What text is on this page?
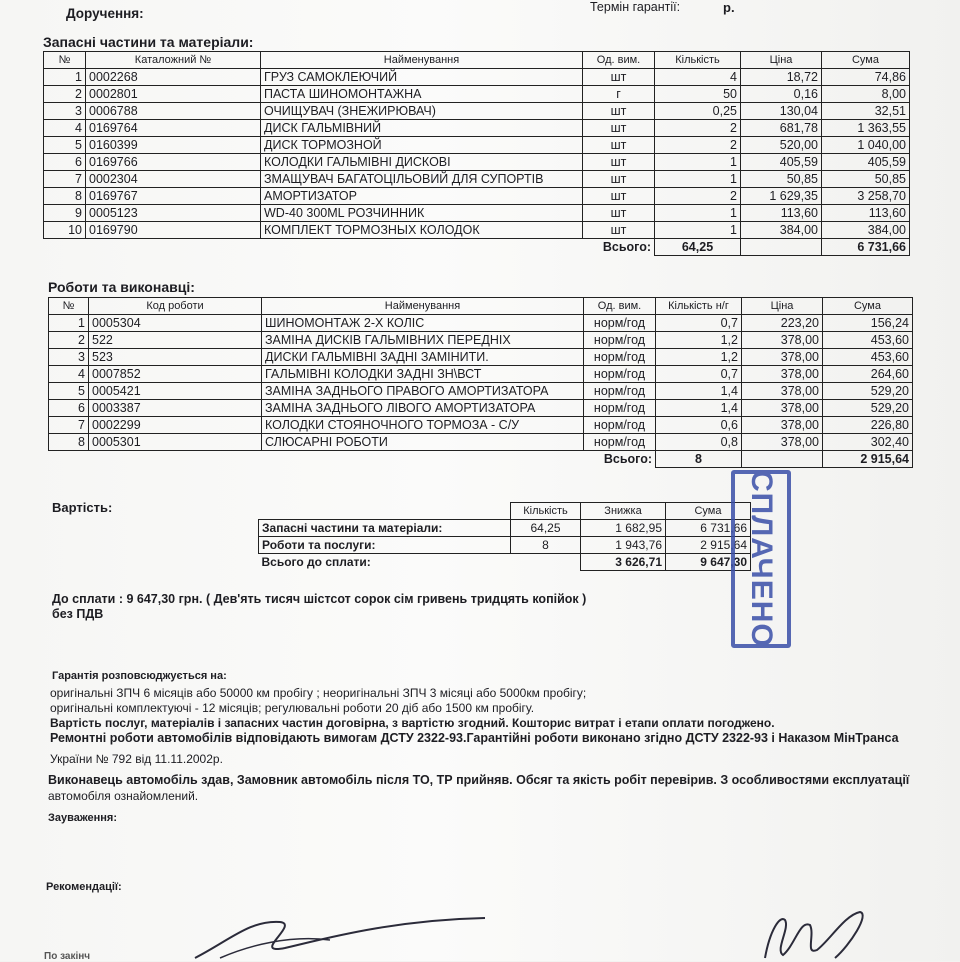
Доручення:	Термін гарантії:	р.
Запасні частини та матеріали:
№	Каталожний №	Найменування	Од. вим.	Кількість	Ціна	Сума
1	0002268	ГРУЗ САМОКЛЕЮЧИЙ	шт	4	18,72	74,86
2	0002801	ПАСТА ШИНОМОНТАЖНА	г	50	0,16	8,00
3	0006788	ОЧИЩУВАЧ (ЗНЕЖИРЮВАЧ)	шт	0,25	130,04	32,51
4	0169764	ДИСК ГАЛЬМІВНИЙ	шт	2	681,78	1 363,55
5	0160399	ДИСК ТОРМОЗНОЙ	шт	2	520,00	1 040,00
6	0169766	КОЛОДКИ ГАЛЬМІВНІ ДИСКОВІ	шт	1	405,59	405,59
7	0002304	ЗМАЩУВАЧ БАГАТОЦІЛЬОВИЙ ДЛЯ СУПОРТІВ	шт	1	50,85	50,85
8	0169767	АМОРТИЗАТОР	шт	2	1 629,35	3 258,70
9	0005123	WD-40 300ML РОЗЧИННИК	шт	1	113,60	113,60
10	0169790	КОМПЛЕКТ ТОРМОЗНЫХ КОЛОДОК	шт	1	384,00	384,00
			Всього:	64,25		6 731,66
Роботи та виконавці:
№	Код роботи	Найменування	Од. вим.	Кількість н/г	Ціна	Сума
1	0005304	ШИНОМОНТАЖ 2-Х КОЛІС	норм/год	0,7	223,20	156,24
2	522	ЗАМІНА ДИСКІВ ГАЛЬМІВНИХ ПЕРЕДНІХ	норм/год	1,2	378,00	453,60
3	523	ДИСКИ ГАЛЬМІВНІ ЗАДНІ ЗАМІНИТИ.	норм/год	1,2	378,00	453,60
4	0007852	ГАЛЬМІВНІ КОЛОДКИ ЗАДНІ ЗН\ВСТ	норм/год	0,7	378,00	264,60
5	0005421	ЗАМІНА ЗАДНЬОГО ПРАВОГО АМОРТИЗАТОРА	норм/год	1,4	378,00	529,20
6	0003387	ЗАМІНА ЗАДНЬОГО ЛІВОГО АМОРТИЗАТОРА	норм/год	1,4	378,00	529,20
7	0002299	КОЛОДКИ СТОЯНОЧНОГО ТОРМОЗА - С/У	норм/год	0,6	378,00	226,80
8	0005301	СЛЮСАРНІ РОБОТИ	норм/год	0,8	378,00	302,40
			Всього:	8		2 915,64
Вартість:
		Кількість	Знижка	Сума
Запасні частини та матеріали:	64,25	1 682,95	6 731,66
Роботи та послуги:	8	1 943,76	2 915,64
Всього до сплати:		3 626,71	9 647,30
До сплати : 9 647,30 грн. ( Дев'ять тисяч шістсот сорок сім гривень тридцять копійок )
без ПДВ	СПЛАЧЕНО
Гарантія розповсюджується на:
оригінальні ЗПЧ 6 місяців або 50000 км пробігу ; неоригінальні ЗПЧ 3 місяці або 5000км пробігу;
оригінальні комплектуючі - 12 місяців; регулювальні роботи 20 діб або 1500 км пробігу.
Вартість послуг, матеріалів і запасних частин договірна, з вартістю згодний. Кошторис витрат і етапи оплати погоджено.
Ремонтні роботи автомобілів відповідають вимогам ДСТУ 2322-93.Гарантійні роботи виконано згідно ДСТУ 2322-93 і Наказом МінТранса
України № 792 від 11.11.2002р.
Виконавець автомобіль здав, Замовник автомобіль після ТО, ТР прийняв. Обсяг та якість робіт перевірив. З особливостями експлуатації
автомобіля ознайомлений.
Зауваження:
Рекомендації:
По закінч
